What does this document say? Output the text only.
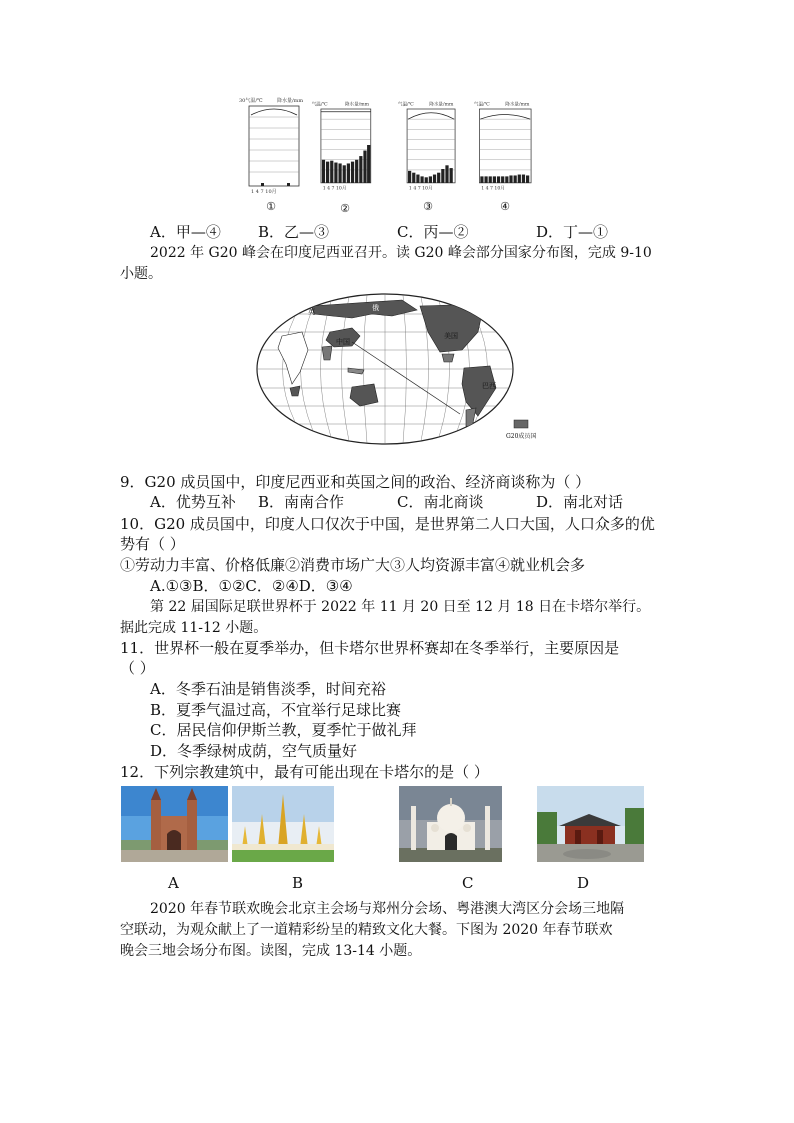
30气温/℃	降水量/mm
1 4 7 10月
气温/℃	降水量/mm
1 4 7 10月
气温/℃	降水量/mm
1 4 7 10月
气温/℃	降水量/mm
1 4 7 10月
①	②	③	④
A．甲—④ B．乙—③	C．丙—②	D．丁—①
2022 年 G20 峰会在印度尼西亚召开。读 G20 峰会部分国家分布图，完成 9-10
小题。
中国
美国
巴西
俄
英
G20成员国
9．G20 成员国中，印度尼西亚和英国之间的政治、经济商谈称为（ ）
A．优势互补 B．南南合作	C．南北商谈	D．南北对话
10．G20 成员国中，印度人口仅次于中国，是世界第二人口大国，人口众多的优
势有（ ）
①劳动力丰富、价格低廉②消费市场广大③人均资源丰富④就业机会多
A.①③B．①②C．②④D．③④
第 22 届国际足联世界杯于 2022 年 11 月 20 日至 12 月 18 日在卡塔尔举行。
据此完成 11-12 小题。
11．世界杯一般在夏季举办，但卡塔尔世界杯赛却在冬季举行，主要原因是
（ ）
A．冬季石油是销售淡季，时间充裕
B．夏季气温过高，不宜举行足球比赛
C．居民信仰伊斯兰教，夏季忙于做礼拜
D．冬季绿树成荫，空气质量好
12．下列宗教建筑中，最有可能出现在卡塔尔的是（ ）
A	B	C	D
2020 年春节联欢晚会北京主会场与郑州分会场、粤港澳大湾区分会场三地隔
空联动，为观众献上了一道精彩纷呈的精致文化大餐。下图为 2020 年春节联欢
晚会三地会场分布图。读图，完成 13-14 小题。
